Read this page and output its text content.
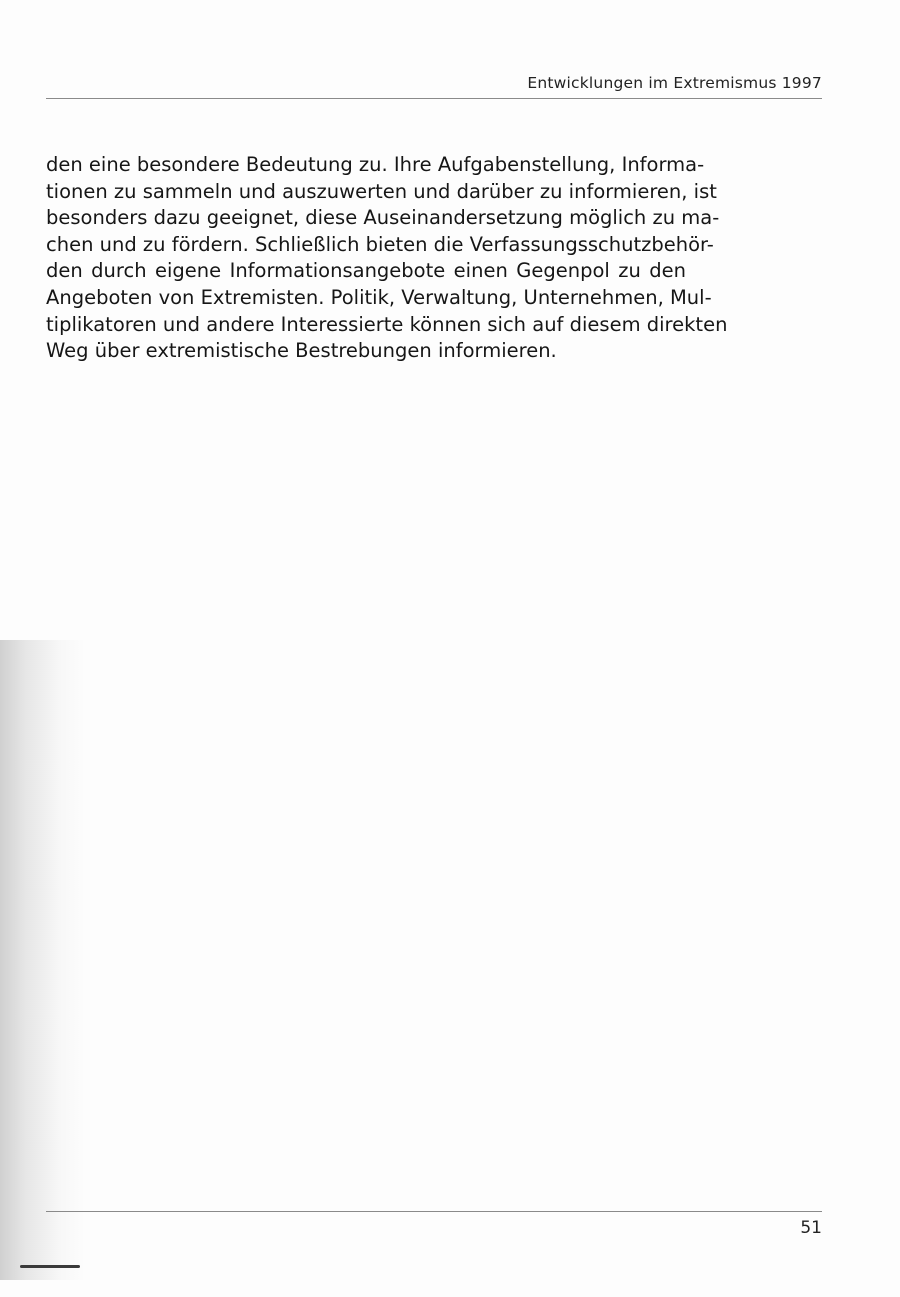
Entwicklungen im Extremismus 1997
den eine besondere Bedeutung zu. Ihre Aufgabenstellung, Informa-
tionen zu sammeln und auszuwerten und darüber zu informieren, ist
besonders dazu geeignet, diese Auseinandersetzung möglich zu ma-
chen und zu fördern. Schließlich bieten die Verfassungsschutzbehör-
den durch eigene Informationsangebote einen Gegenpol zu den
Angeboten von Extremisten. Politik, Verwaltung, Unternehmen, Mul-
tiplikatoren und andere Interessierte können sich auf diesem direkten
Weg über extremistische Bestrebungen informieren.
51
